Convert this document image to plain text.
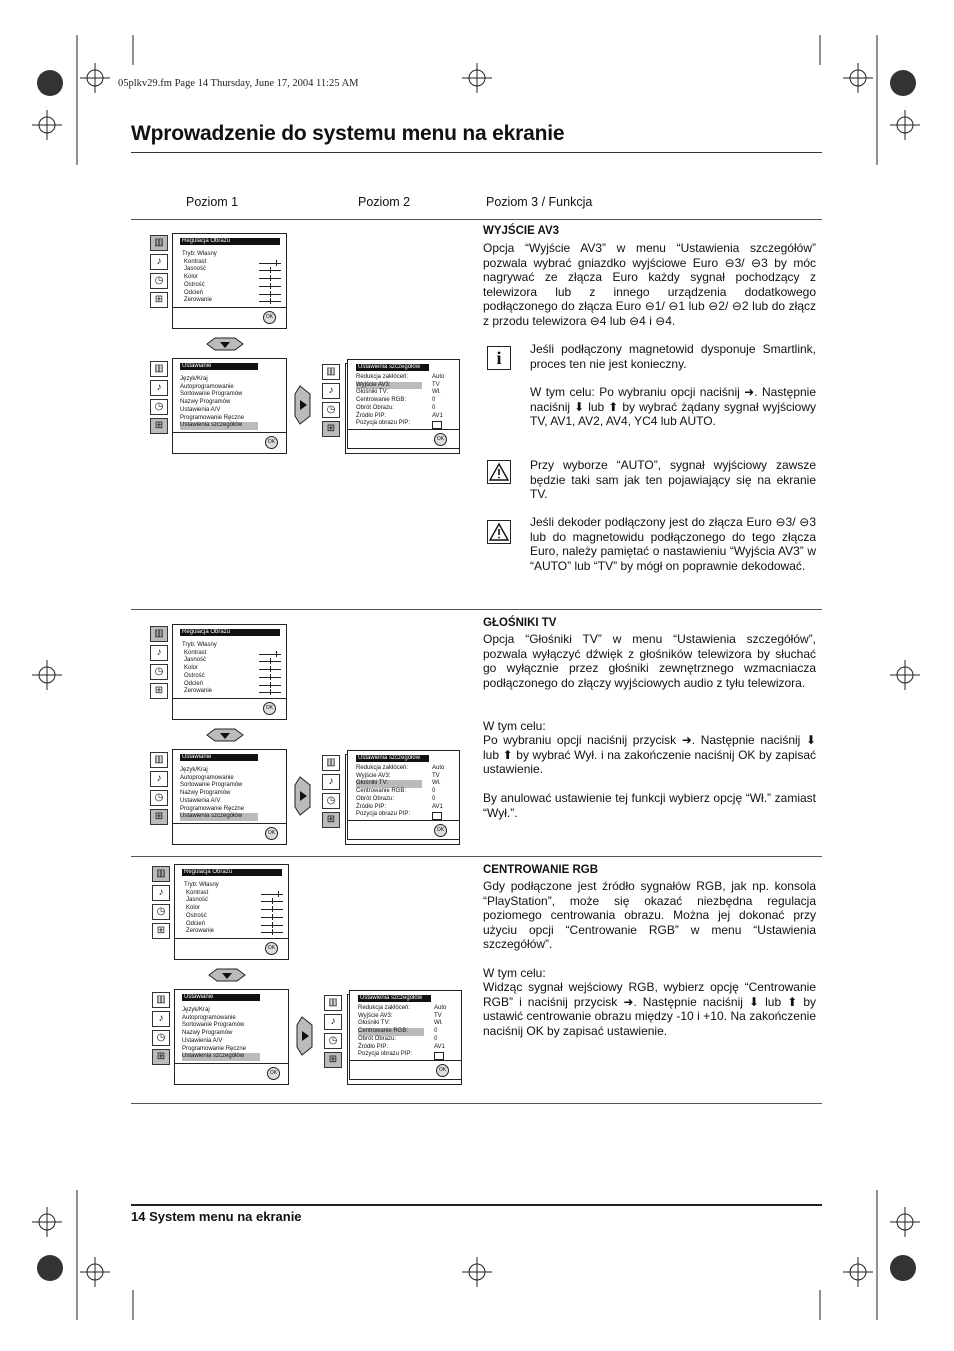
05plkv29.fm Page 14 Thursday, June 17, 2004 11:25 AM
Wprowadzenie do systemu menu na ekranie
Poziom 1	Poziom 2	Poziom 3 / Funkcja
▥
♪
◷
⊞
Regulacja Obrazu
Tryb: Własny
Kontrast
Jasność
Kolor
Ostrość
Odcień
Zerowanie
OK
▥
♪
◷
⊞
Ustawianie
Język/Kraj
Autoprogramowanie
Sortowanie Programów
Nazwy Programów
Ustawienia A/V
Programowanie Ręczne
Ustawienia szczegółów
OK
▥
♪
◷
⊞
Ustawienia szczegółów
Redukcja zakłóceń:	Auto
Wyjście AV3:	TV
Głośniki TV:	Wł.
Centrowanie RGB:	0
Obrót Obrazu:	0
Źródło PIP:	AV1
Pozycja obrazu PIP:
OK
▥
♪
◷
⊞
Regulacja Obrazu
Tryb: Własny
Kontrast
Jasność
Kolor
Ostrość
Odcień
Zerowanie
OK
▥
♪
◷
⊞
Ustawianie
Język/Kraj
Autoprogramowanie
Sortowanie Programów
Nazwy Programów
Ustawienia A/V
Programowanie Ręczne
Ustawienia szczegółów
OK
▥
♪
◷
⊞
Ustawienia szczegółów
Redukcja zakłóceń:	Auto
Wyjście AV3:	TV
Głośniki TV:	Wł.
Centrowanie RGB:	0
Obrót Obrazu:	0
Źródło PIP:	AV1
Pozycja obrazu PIP:
OK
▥
♪
◷
⊞
Regulacja Obrazu
Tryb: Własny
Kontrast
Jasność
Kolor
Ostrość
Odcień
Zerowanie
OK
▥
♪
◷
⊞
Ustawianie
Język/Kraj
Autoprogramowanie
Sortowanie Programów
Nazwy Programów
Ustawienia A/V
Programowanie Ręczne
Ustawienia szczegółów
OK
▥
♪
◷
⊞
Ustawienia szczegółów
Redukcja zakłóceń:	Auto
Wyjście AV3:	TV
Głośniki TV:	Wł.
Centrowanie RGB:	0
Obrót Obrazu:	0
Źródło PIP:	AV1
Pozycja obrazu PIP:
OK
WYJŚCIE AV3
Opcja “Wyjście AV3” w menu “Ustawienia szczegółów” pozwala wybrać gniazdko wyjściowe Euro ⊖3/ ⊖3 by móc nagrywać ze złącza Euro każdy sygnał pochodzący z telewizora lub z innego urządzenia dodatkowego podłączonego do złącza Euro ⊖1/ ⊖1 lub ⊖2/ ⊖2 lub do złącz z przodu telewizora ⊖4 lub ⊖4 i ⊖4.
i	Jeśli podłączony magnetowid dysponuje Smartlink, proces ten nie jest konieczny.
W tym celu: Po wybraniu opcji naciśnij ➜. Następnie naciśnij ⬇ lub ⬆ by wybrać żądany sygnał wyjściowy TV, AV1, AV2, AV4, YC4 lub AUTO.
Przy wyborze “AUTO”, sygnał wyjściowy zawsze będzie taki sam jak ten pojawiający się na ekranie TV.
Jeśli dekoder podłączony jest do złącza Euro ⊖3/ ⊖3 lub do magnetowidu podłączonego do tego złącza Euro, należy pamiętać o nastawieniu “Wyjścia AV3” w “AUTO” lub “TV” by mógł on poprawnie dekodować.
GŁOŚNIKI TV
Opcja “Głośniki TV” w menu “Ustawienia szczegółów”, pozwala wyłączyć dźwięk z głośników telewizora by słuchać go wyłącznie przez głośniki zewnętrznego wzmacniacza podłączonego do złączy wyjściowych audio z tyłu telewizora.
W tym celu:
Po wybraniu opcji naciśnij przycisk ➜. Następnie naciśnij ⬇ lub ⬆ by wybrać Wył. i na zakończenie naciśnij OK by zapisać ustawienie.
By anulować ustawienie tej funkcji wybierz opcję “Wł.” zamiast “Wył.”.
CENTROWANIE RGB
Gdy podłączone jest źródło sygnałów RGB, jak np. konsola “PlayStation”, może się okazać niezbędna regulacja poziomego centrowania obrazu. Można jej dokonać przy użyciu opcji “Centrowanie RGB” w menu “Ustawienia szczegółów”.
W tym celu:
Widząc sygnał wejściowy RGB, wybierz opcję “Centrowanie RGB” i naciśnij przycisk ➜. Następnie naciśnij ⬇ lub ⬆ by ustawić centrowanie obrazu między -10 i +10. Na zakończenie naciśnij OK by zapisać ustawienie.
14 System menu na ekranie
